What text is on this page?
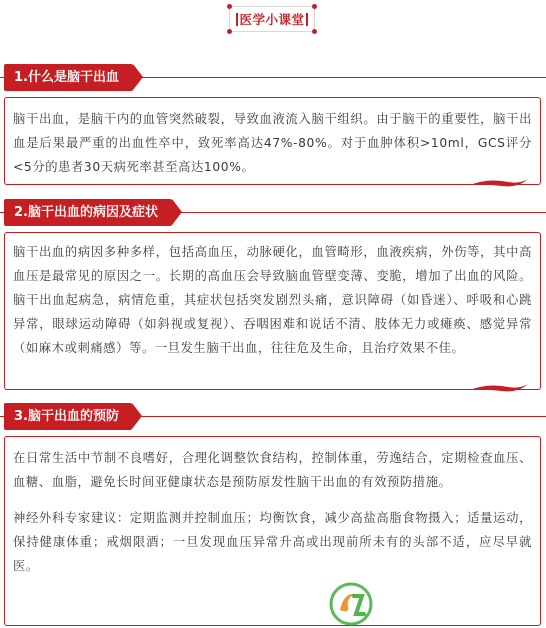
医学小课堂
1.什么是脑干出血

脑干出血，是脑干内的血管突然破裂，导致血液流入脑干组织。由于脑干的重要性，脑干出血是后果最严重的出血性卒中，致死率高达47%-80%。对于血肿体积>10ml，GCS评分<5分的患者30天病死率甚至高达100%。

2.脑干出血的病因及症状

脑干出血的病因多种多样，包括高血压，动脉硬化，血管畸形，血液疾病，外伤等，其中高血压是最常见的原因之一。长期的高血压会导致脑血管壁变薄、变脆，增加了出血的风险。脑干出血起病急，病情危重，其症状包括突发剧烈头痛，意识障碍（如昏迷）、呼吸和心跳异常，眼球运动障碍（如斜视或复视）、吞咽困难和说话不清、肢体无力或瘫痪、感觉异常（如麻木或刺痛感）等。一旦发生脑干出血，往往危及生命，且治疗效果不佳。

3.脑干出血的预防

在日常生活中节制不良嗜好，合理化调整饮食结构，控制体重，劳逸结合，定期检查血压、血糖、血脂，避免长时间亚健康状态是预防原发性脑干出血的有效预防措施。

神经外科专家建议：定期监测并控制血压；均衡饮食，减少高盐高脂食物摄入；适量运动，保持健康体重；戒烟限酒；一旦发现血压异常升高或出现前所未有的头部不适，应尽早就医。
